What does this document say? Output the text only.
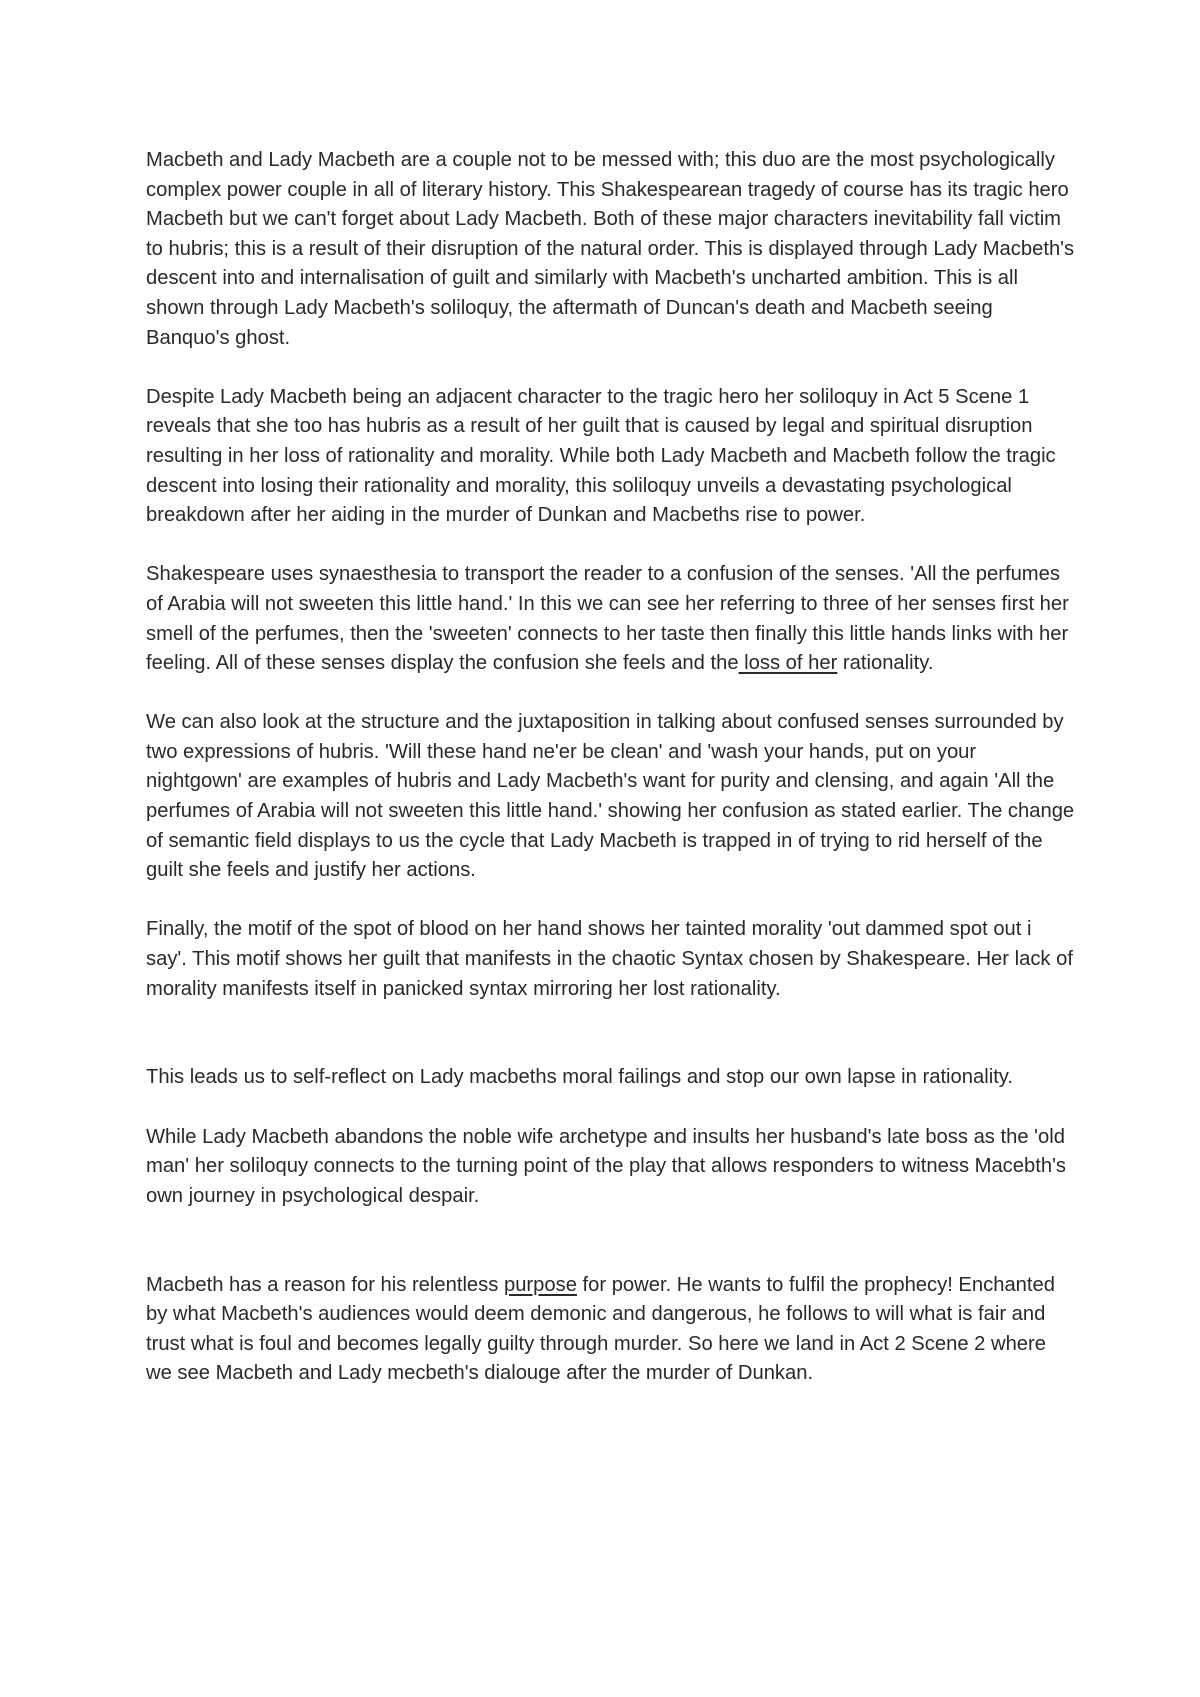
Macbeth and Lady Macbeth are a couple not to be messed with; this duo are the most psychologically complex power couple in all of literary history. This Shakespearean tragedy of course has its tragic hero Macbeth but we can't forget about Lady Macbeth. Both of these major characters inevitability fall victim to hubris; this is a result of their disruption of the natural order. This is displayed through Lady Macbeth's descent into and internalisation of guilt and similarly with Macbeth's uncharted ambition. This is all shown through Lady Macbeth's soliloquy, the aftermath of Duncan's death and Macbeth seeing Banquo's ghost.

Despite Lady Macbeth being an adjacent character to the tragic hero her soliloquy in Act 5 Scene 1 reveals that she too has hubris as a result of her guilt that is caused by legal and spiritual disruption resulting in her loss of rationality and morality. While both Lady Macbeth and Macbeth follow the tragic descent into losing their rationality and morality, this soliloquy unveils a devastating psychological breakdown after her aiding in the murder of Dunkan and Macbeths rise to power.

Shakespeare uses synaesthesia to transport the reader to a confusion of the senses. 'All the perfumes of Arabia will not sweeten this little hand.' In this we can see her referring to three of her senses first her smell of the perfumes, then the 'sweeten' connects to her taste then finally this little hands links with her feeling. All of these senses display the confusion she feels and the loss of her rationality.

We can also look at the structure and the juxtaposition in talking about confused senses surrounded by two expressions of hubris. 'Will these hand ne'er be clean' and 'wash your hands, put on your nightgown' are examples of hubris and Lady Macbeth's want for purity and clensing, and again 'All the perfumes of Arabia will not sweeten this little hand.' showing her confusion as stated earlier. The change of semantic field displays to us the cycle that Lady Macbeth is trapped in of trying to rid herself of the guilt she feels and justify her actions.

Finally, the motif of the spot of blood on her hand shows her tainted morality 'out dammed spot out i say'. This motif shows her guilt that manifests in the chaotic Syntax chosen by Shakespeare. Her lack of morality manifests itself in panicked syntax mirroring her lost rationality.

This leads us to self-reflect on Lady macbeths moral failings and stop our own lapse in rationality.

While Lady Macbeth abandons the noble wife archetype and insults her husband's late boss as the 'old man' her soliloquy connects to the turning point of the play that allows responders to witness Macebth's own journey in psychological despair.

Macbeth has a reason for his relentless purpose for power. He wants to fulfil the prophecy! Enchanted by what Macbeth's audiences would deem demonic and dangerous, he follows to will what is fair and trust what is foul and becomes legally guilty through murder. So here we land in Act 2 Scene 2 where we see Macbeth and Lady mecbeth's dialouge after the murder of Dunkan.
